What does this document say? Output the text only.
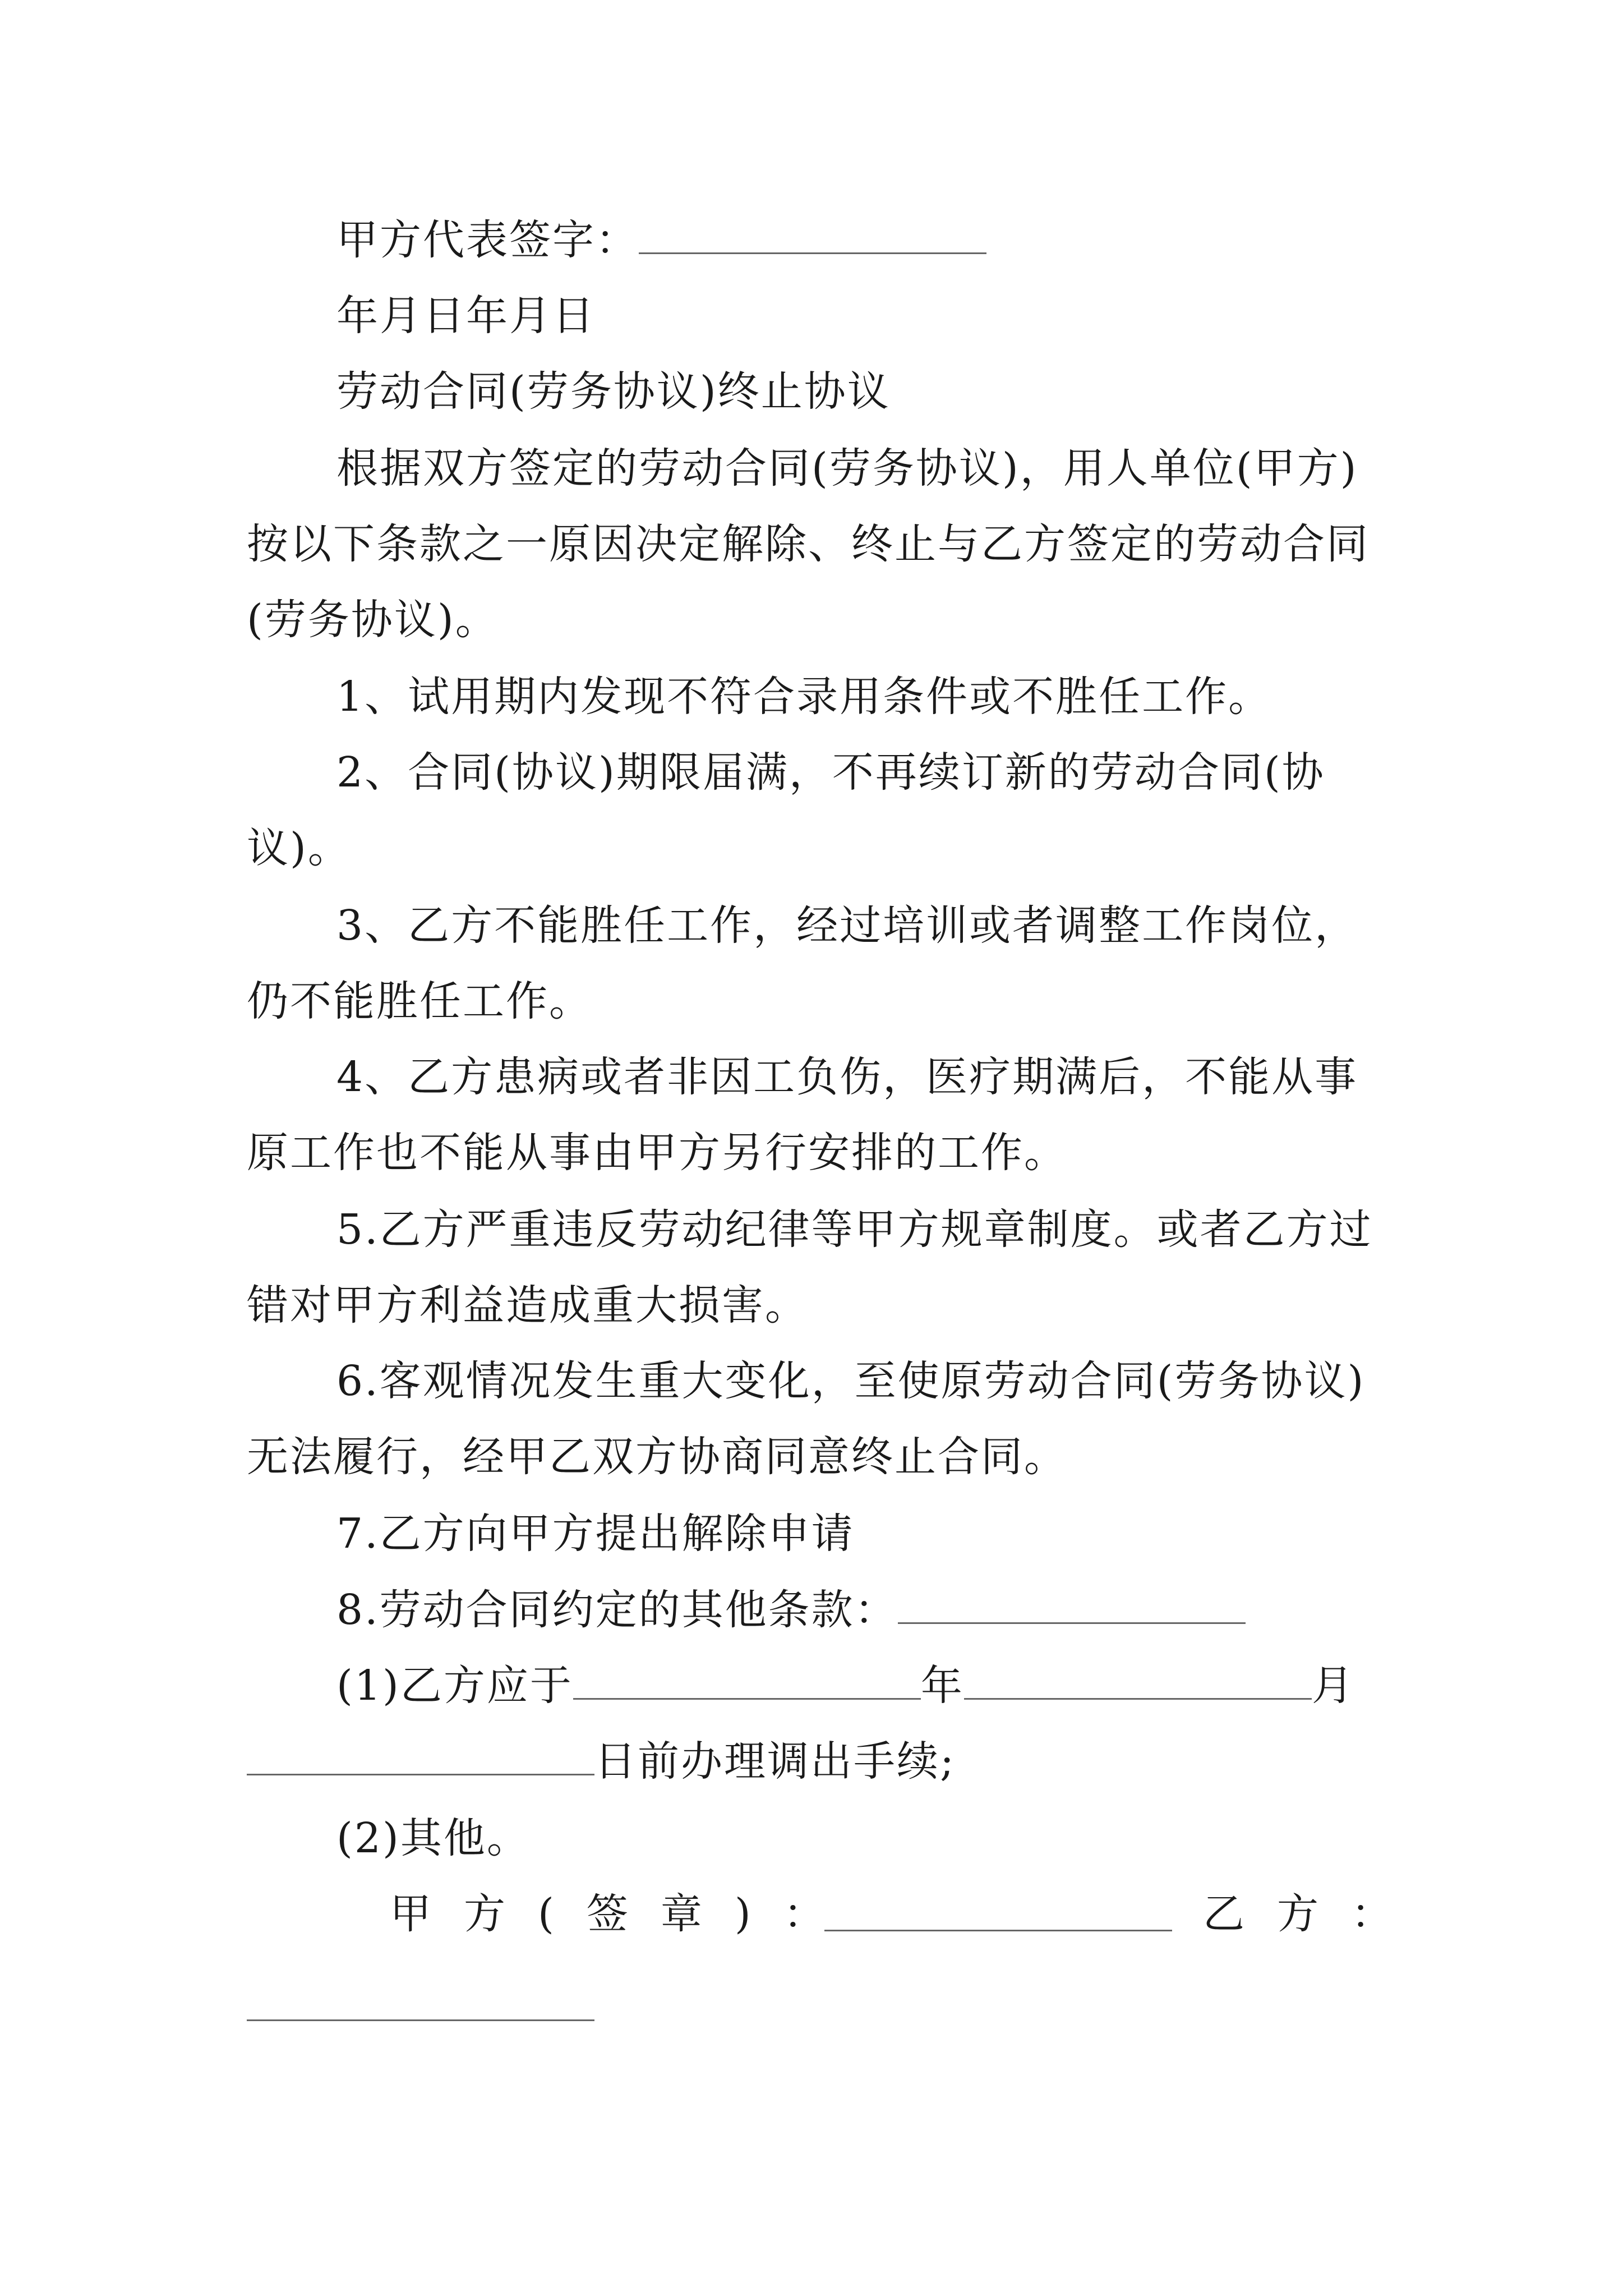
甲方代表签字：
年月日年月日
劳动合同(劳务协议)终止协议
根据双方签定的劳动合同(劳务协议)，用人单位(甲方)
按以下条款之一原因决定解除、终止与乙方签定的劳动合同
(劳务协议)。
1、试用期内发现不符合录用条件或不胜任工作。
2、合同(协议)期限届满，不再续订新的劳动合同(协
议)。
3、乙方不能胜任工作，经过培训或者调整工作岗位，
仍不能胜任工作。
4、乙方患病或者非因工负伤，医疗期满后，不能从事
原工作也不能从事由甲方另行安排的工作。
5.乙方严重违反劳动纪律等甲方规章制度。或者乙方过
错对甲方利益造成重大损害。
6.客观情况发生重大变化，至使原劳动合同(劳务协议)
无法履行，经甲乙双方协商同意终止合同。
7.乙方向甲方提出解除申请
8.劳动合同约定的其他条款：
(1)乙方应于	年	月
日前办理调出手续;
(2)其他。
甲方(签章)：	乙方：
